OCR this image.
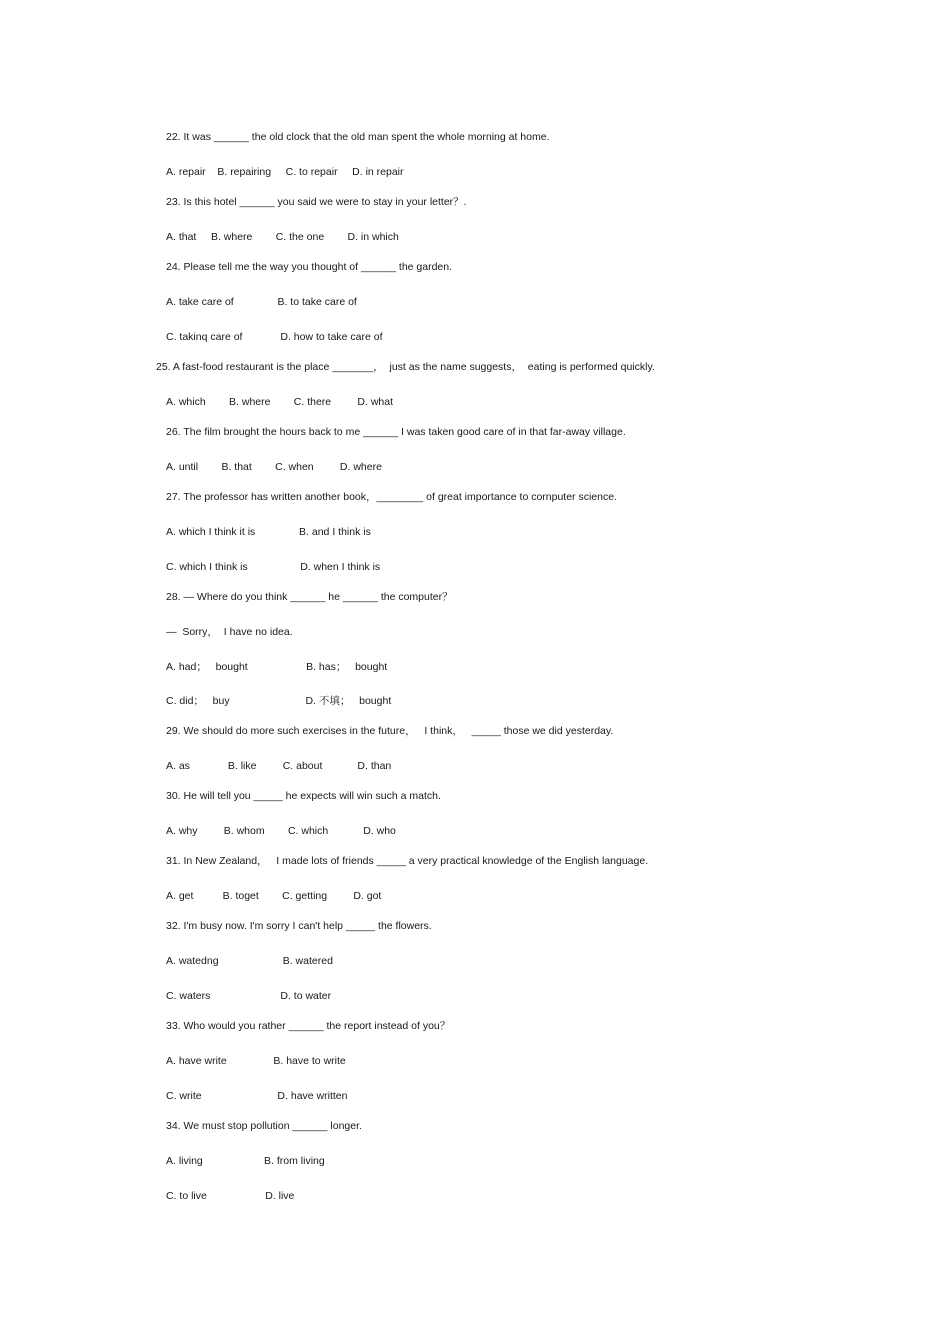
22. It was ______ the old clock that the old man spent the whole morning at home.
A. repair    B. repairing     C. to repair     D. in repair
23. Is this hotel ______ you said we were to stay in your letter？.
A. that     B. where        C. the one        D. in which
24. Please tell me the way you thought of ______ the garden.
A. take care of               B. to take care of
C. takinq care of             D. how to take care of
25. A fast-food restaurant is the place _______，  just as the name suggests，  eating is performed quickly.
A. which        B. where        C. there         D. what
26. The film brought the hours back to me ______ I was taken good care of in that far-away village.
A. until        B. that        C. when         D. where
27. The professor has written another book，________ of great importance to cornputer science.
A. which I think it is               B. and I think is
C. which I think is                  D. when I think is
28. — Where do you think ______ he ______ the computer？
—  Sorry，  I have no idea.
A. had；   bought                    B. has；   bought
C. did；   buy                          D. 不填；   bought
29. We should do more such exercises in the future，   I think，   _____ those we did yesterday.
A. as             B. like         C. about            D. than
30. He will tell you _____ he expects will win such a match.
A. why         B. whom        C. which            D. who
31. In New Zealand，   I made lots of friends _____ a very practical knowledge of the English language.
A. get          B. toget        C. getting         D. got
32. I'm busy now. I'm sorry I can't help _____ the flowers.
A. watedng                      B. watered
C. waters                        D. to water
33. Who would you rather ______ the report instead of you？
A. have write                B. have to write
C. write                          D. have written
34. We must stop pollution ______ longer.
A. living                     B. from living
C. to live                    D. live
